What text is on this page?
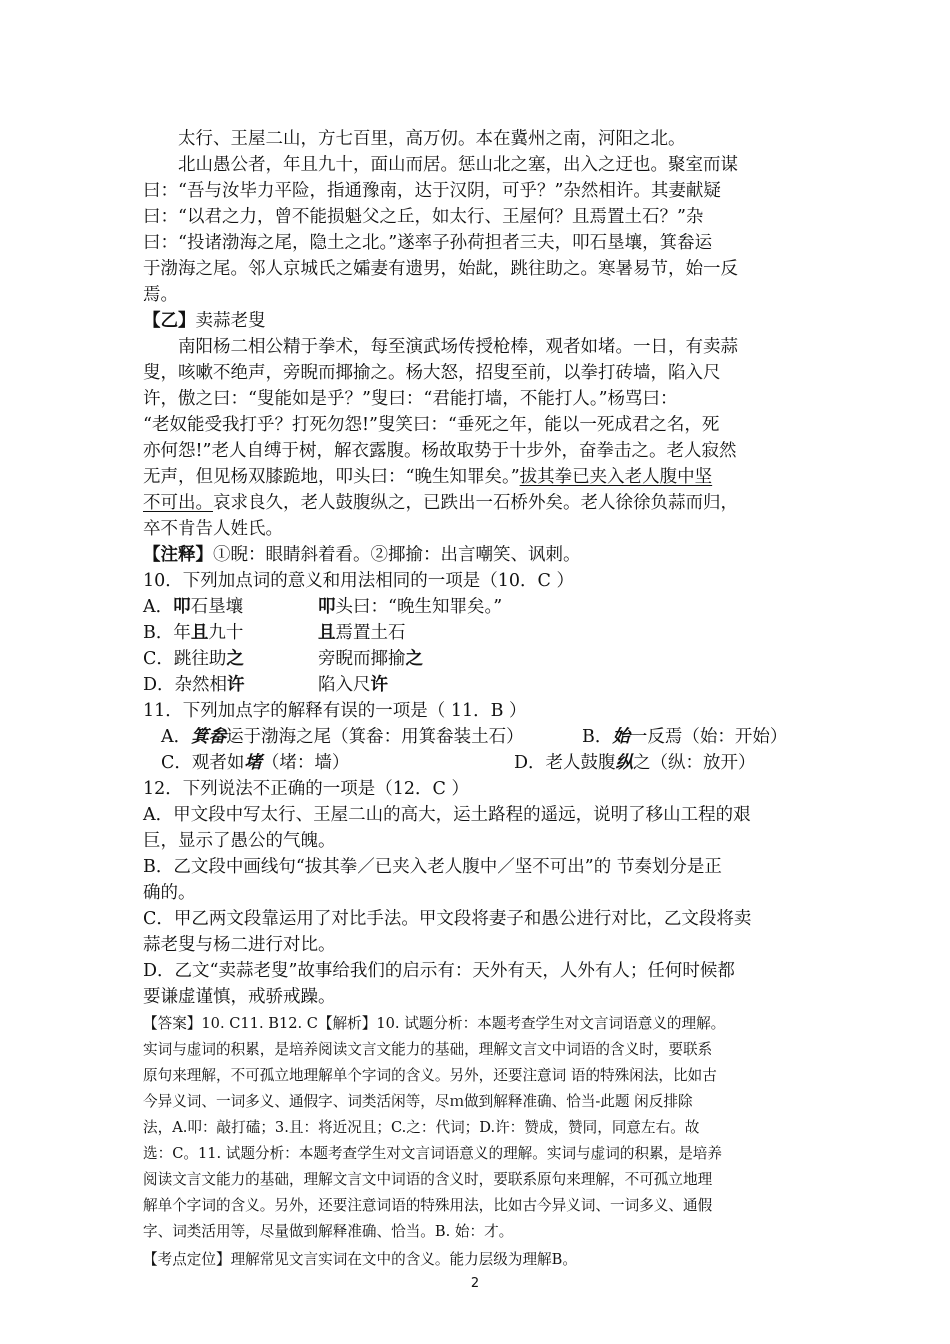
太行、王屋二山，方七百里，高万仞。本在冀州之南，河阳之北。
北山愚公者，年且九十，面山而居。惩山北之塞，出入之迂也。聚室而谋
曰：“吾与汝毕力平险，指通豫南，达于汉阴，可乎？”杂然相许。其妻献疑
曰：“以君之力，曾不能损魁父之丘，如太行、王屋何？且焉置土石？”杂
曰：“投诸渤海之尾，隐土之北。”遂率子孙荷担者三夫，叩石垦壤，箕畚运
于渤海之尾。邻人京城氏之孀妻有遗男，始龀，跳往助之。寒暑易节，始一反
焉。
【乙】卖蒜老叟
南阳杨二相公精于拳术，每至演武场传授枪棒，观者如堵。一日，有卖蒜
叟，咳嗽不绝声，旁睨而揶揄之。杨大怒，招叟至前，以拳打砖墙，陷入尺
许，傲之曰：“叟能如是乎？”叟曰：“君能打墙，不能打人。”杨骂曰：
“老奴能受我打乎？打死勿怨!”叟笑曰：“垂死之年，能以一死成君之名，死
亦何怨!”老人自缚于树，解衣露腹。杨故取势于十步外，奋拳击之。老人寂然
无声，但见杨双膝跪地，叩头曰：“晚生知罪矣。”拔其拳已夹入老人腹中坚
不可出。哀求良久，老人鼓腹纵之，已跌出一石桥外矣。老人徐徐负蒜而归，
卒不肯告人姓氏。
【注释】①睨：眼睛斜着看。②揶揄：出言嘲笑、讽刺。
10．下列加点词的意义和用法相同的一项是（10．C ）
A．叩石垦壤	叩头曰：“晚生知罪矣。”
B．年且九十	且焉置土石
C．跳往助之	旁睨而揶揄之
D．杂然相许	陷入尺许
11．下列加点字的解释有误的一项是（ 11．B ）
A．箕畚运于渤海之尾（箕畚：用箕畚装土石）	B．始一反焉（始：开始）
C．观者如堵（堵：墙）	D．老人鼓腹纵之（纵：放开）
12．下列说法不正确的一项是（12．C ）
A．甲文段中写太行、王屋二山的高大，运土路程的遥远，说明了移山工程的艰
巨，显示了愚公的气魄。
B．乙文段中画线句“拔其拳／已夹入老人腹中／坚不可出”的 节奏划分是正
确的。
C．甲乙两文段靠运用了对比手法。甲文段将妻子和愚公进行对比，乙文段将卖
蒜老叟与杨二进行对比。
D．乙文“卖蒜老叟”故事给我们的启示有：天外有天，人外有人；任何时候都
要谦虚谨慎，戒骄戒躁。
【答案】10. C11. B12. C【解析】10. 试题分析：本题考查学生对文言词语意义的理解。
实词与虚词的积累，是培养阅读文言文能力的基础，理解文言文中词语的含义时，要联系
原句来理解，不可孤立地理解单个字词的含义。另外，还要注意词 语的特殊闲法，比如古
今异义词、一词多义、通假字、词类活闲等，尽ｍ做到解释准确、恰当-此题 闲反排除
法，A.叩：敲打磕；3.且：将近况且；C.之：代词；D.许：赞成，赞同，同意左右。故
选：C。11. 试题分析：本题考查学生对文言词语意义的理解。实词与虚词的积累，是培养
阅读文言文能力的基础，理解文言文中词语的含义时，要联系原句来理解，不可孤立地理
解单个字词的含义。另外，还要注意词语的特殊用法，比如古今异义词、一词多义、通假
字、词类活用等，尽量做到解释准确、恰当。B. 始：才。
【考点定位】理解常见文言实词在文中的含义。能力层级为理解B。
2
